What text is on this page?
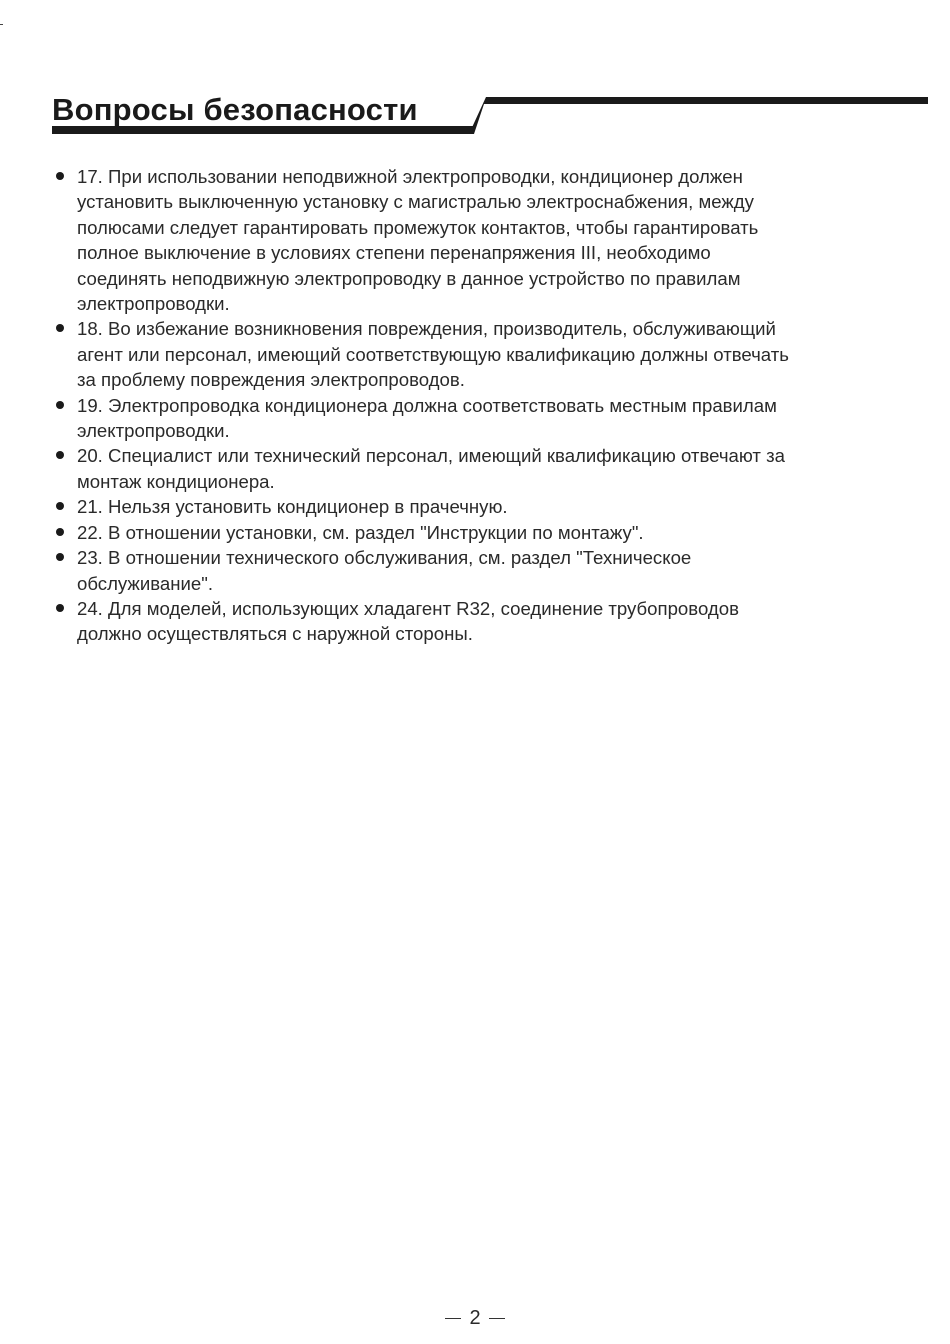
Вопросы безопасности
17. При использовании неподвижной электропроводки, кондиционер должен
установить выключенную установку с магистралью электроснабжения, между
полюсами следует гарантировать промежуток контактов, чтобы гарантировать
полное выключение в условиях степени перенапряжения III, необходимо
соединять неподвижную электропроводку в данное устройство по правилам
электропроводки.
18. Во избежание возникновения повреждения, производитель, обслуживающий
агент или персонал, имеющий соответствующую квалификацию должны отвечать
за проблему повреждения электропроводов.
19. Электропроводка кондиционера должна соответствовать местным правилам
электропроводки.
20. Специалист или технический персонал, имеющий квалификацию отвечают за
монтаж кондиционера.
21. Нельзя установить кондиционер в прачечную.
22. В отношении установки, см. раздел "Инструкции по монтажу".
23. В отношении технического обслуживания, см. раздел "Техническое
обслуживание".
24. Для моделей, использующих хладагент R32, соединение трубопроводов
должно осуществляться с наружной стороны.
2
